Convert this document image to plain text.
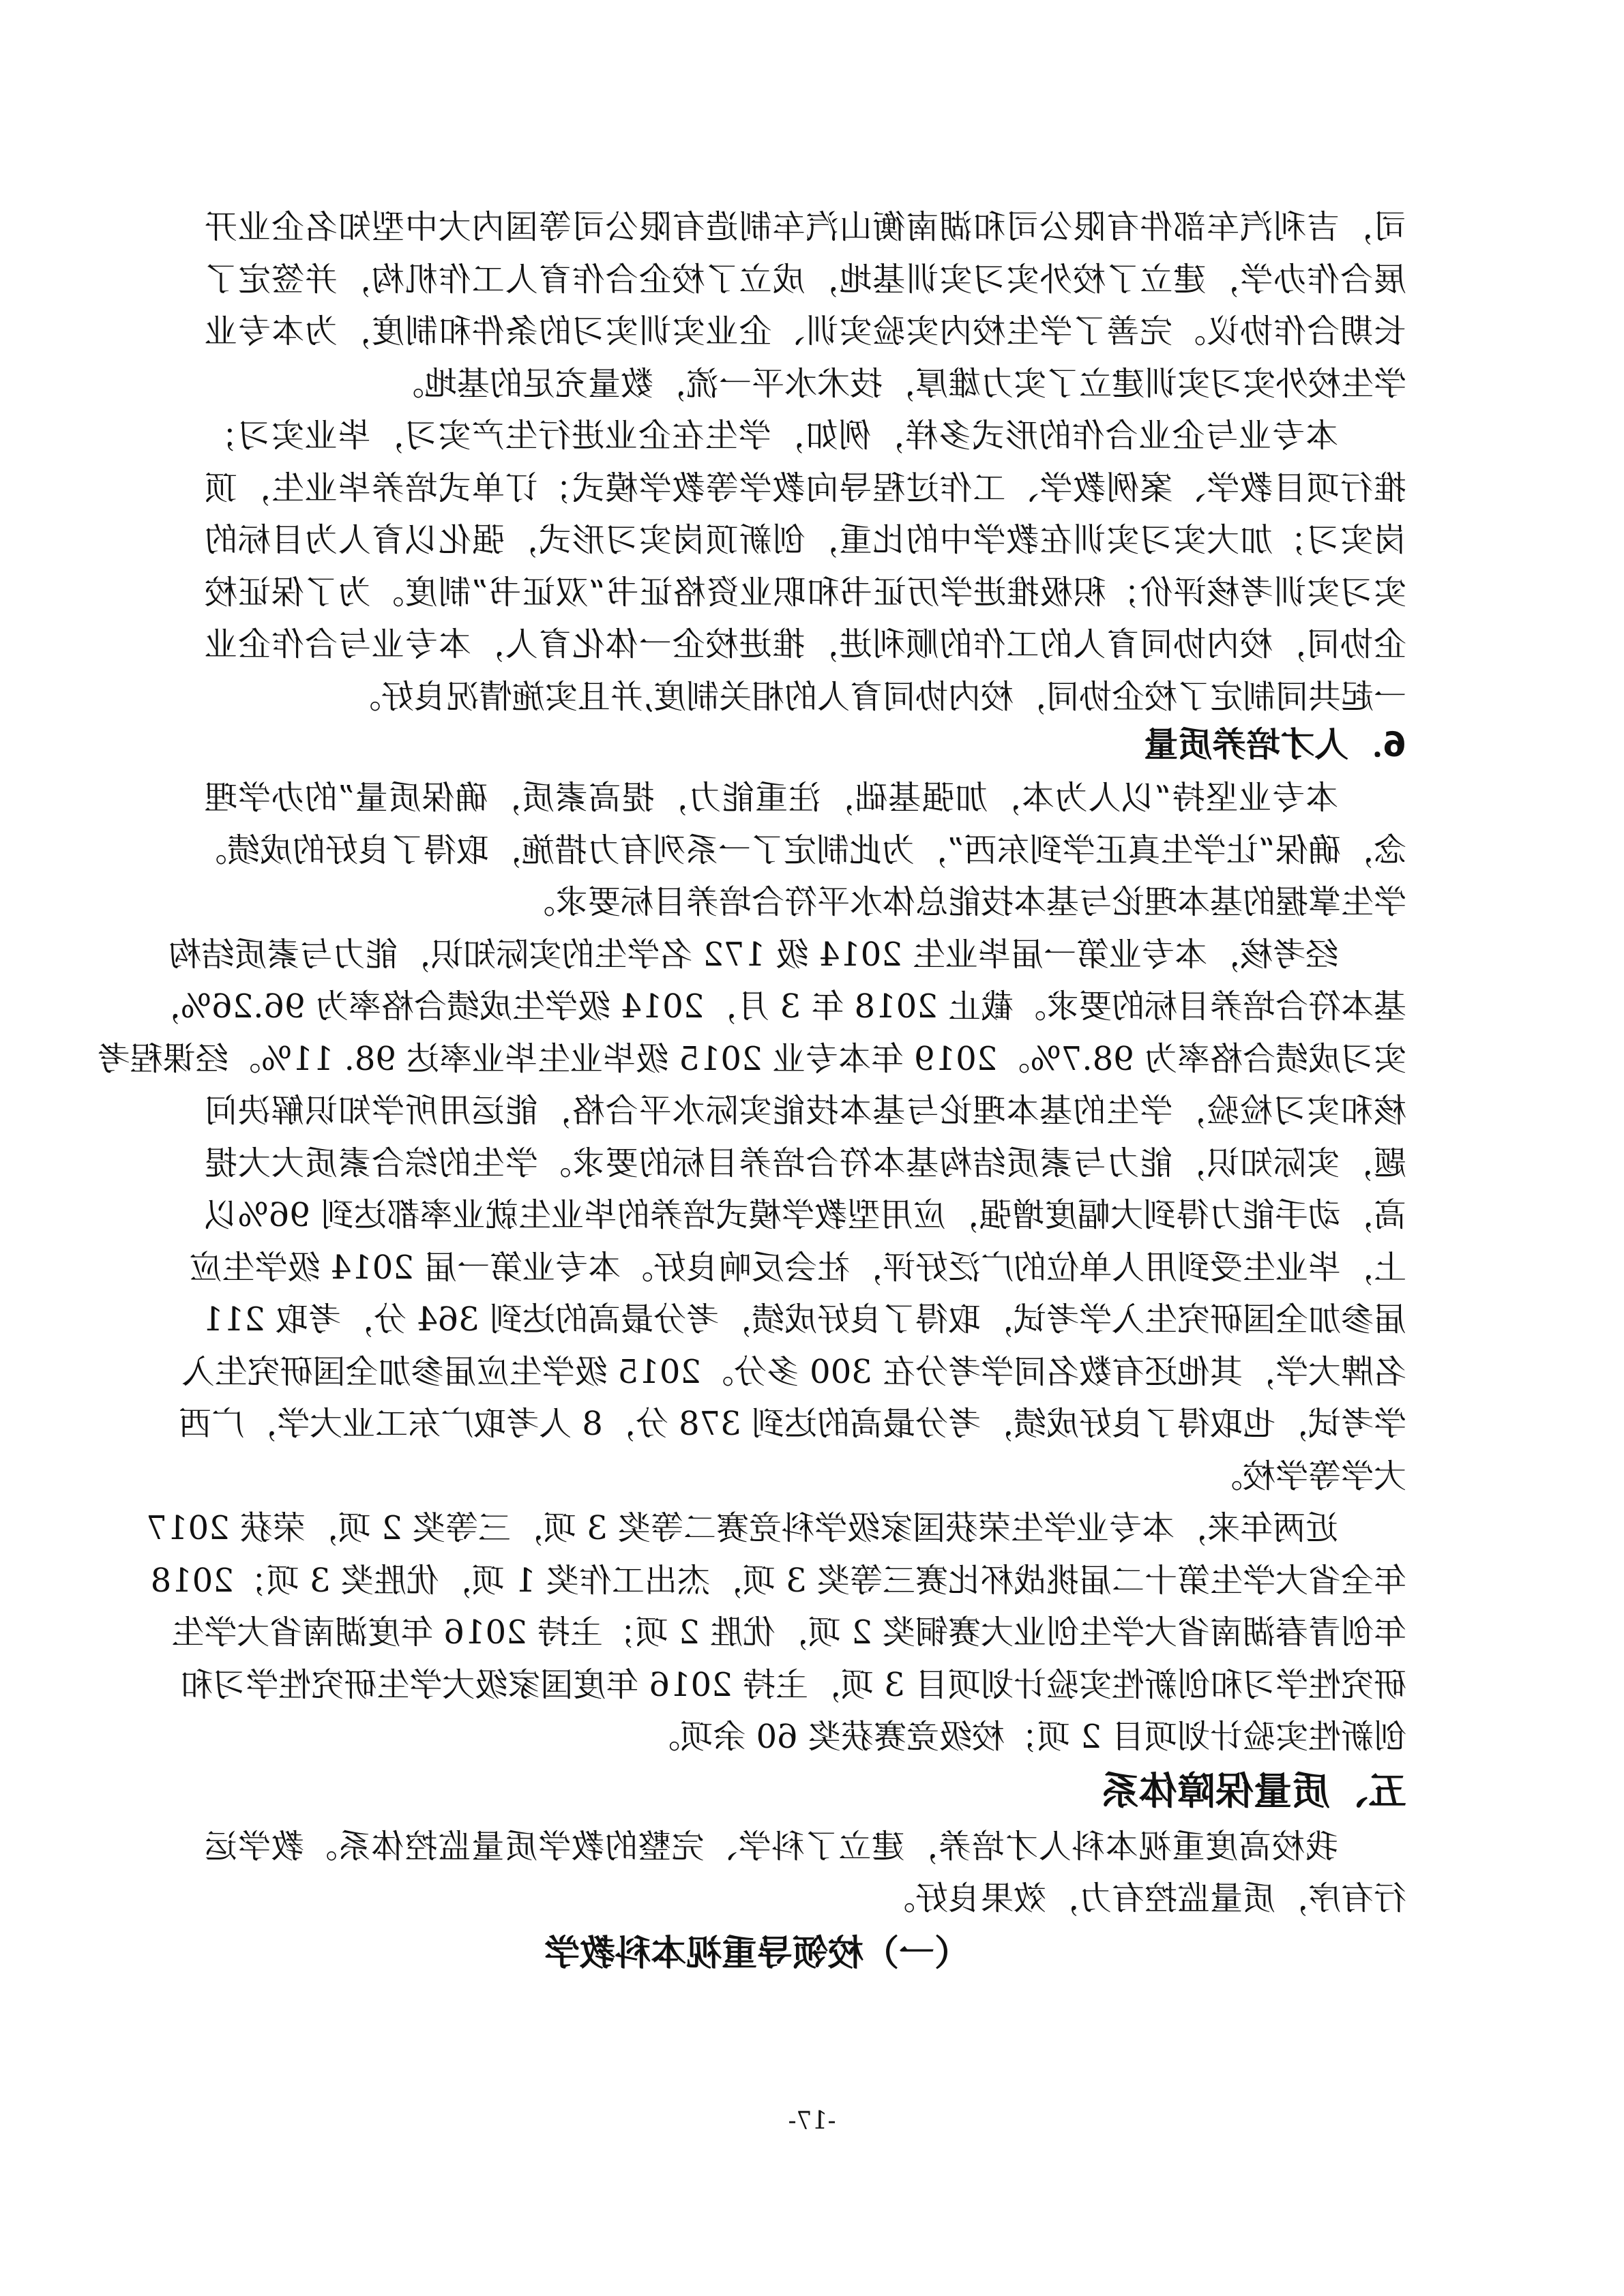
司，吉利汽车部件有限公司和湖南衡山汽车制造有限公司等国内大中型知名企业开
展合作办学，建立了校外实习实训基地，成立了校企合作育人工作机构，并签定了
长期合作协议。完善了学生校内实验实训、企业实训实习的条件和制度，为本专业
学生校外实习实训建立了实力雄厚，技术水平一流，数量充足的基地。
本专业与企业合作的形式多样，例如，学生在企业进行生产实习，毕业实习；
推行项目教学、案例教学、工作过程导向教学等教学模式；订单式培养毕业生，顶
岗实习；加大实习实训在教学中的比重，创新顶岗实习形式，强化以育人为目标的
实习实训考核评价；积极推进学历证书和职业资格证书“双证书”制度。为了保证校
企协同，校内协同育人的工作的顺利进，推进校企一体化育人，本专业与合作企业
一起共同制定了校企协同，校内协同育人的相关制度,并且实施情况良好。
6．人才培养质量
本专业坚持“以人为本，加强基础，注重能力，提高素质，确保质量”的办学理
念，确保“让学生真正学到东西”，为此制定了一系列有力措施，取得了良好的成绩。
学生掌握的基本理论与基本技能总体水平符合培养目标要求。
经考核，本专业第一届毕业生 2014 级 172 名学生的实际知识，能力与素质结构
基本符合培养目标的要求。截止 2018 年 3 月，2014 级学生成绩合格率为 96.26%，
实习成绩合格率为 98.7%。2019 年本专业 2015 级毕业生毕业率达 98. 11%。经课程考
核和实习检验，学生的基本理论与基本技能实际水平合格，能运用所学知识解决问
题，实际知识，能力与素质结构基本符合培养目标的要求。学生的综合素质大大提
高，动手能力得到大幅度增强，应用型教学模式培养的毕业生就业率都达到 96%以
上，毕业生受到用人单位的广泛好评，社会反响良好。本专业第一届 2014 级学生应
届参加全国研究生入学考试，取得了良好成绩，考分最高的达到 364 分，考取 211
名牌大学，其他还有数名同学考分在 300 多分。2015 级学生应届参加全国研究生入
学考试，也取得了良好成绩，考分最高的达到 378 分，8 人考取广东工业大学，广西
大学等学校。
近两年来，本专业学生荣获国家级学科竞赛二等奖 3 项，三等奖 2 项，荣获 2017
年全省大学生第十二届挑战杯比赛三等奖 3 项，杰出工作奖 1 项，优胜奖 3 项；2018
年创青春湖南省大学生创业大赛铜奖 2 项，优胜 2 项；主持 2016 年度湖南省大学生
研究性学习和创新性实验计划项目 3 项，主持 2016 年度国家级大学生研究性学习和
创新性实验计划项目 2 项；校级竞赛获奖 60 余项。
五、质量保障体系
我校高度重视本科人才培养，建立了科学、完整的教学质量监控体系。教学运
行有序，质量监控有力，效果良好。
（一）校领导重视本科教学
-17-
